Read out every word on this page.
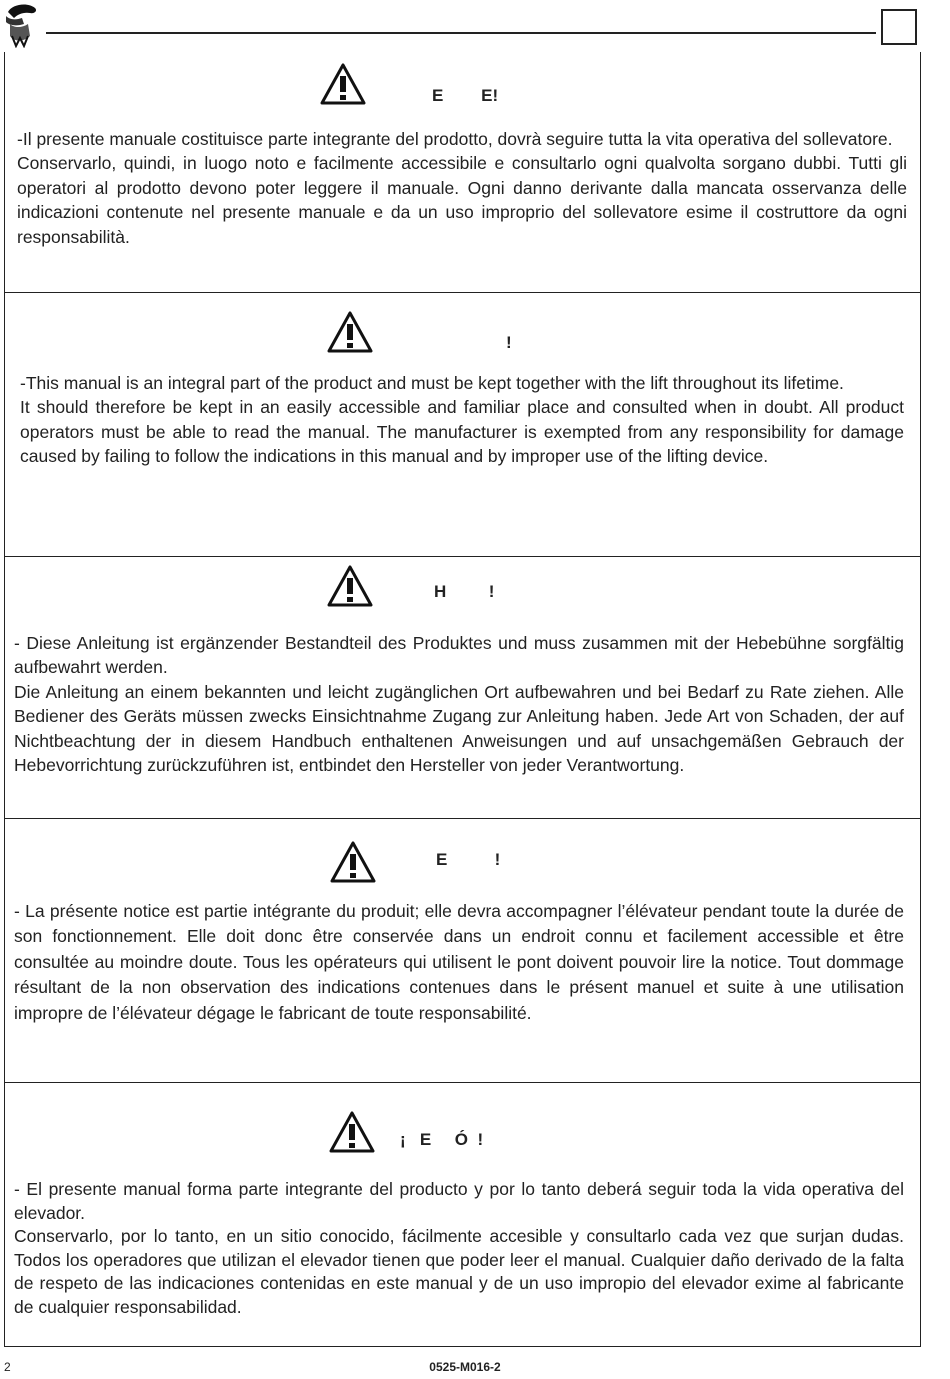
E        E!

-Il presente manuale costituisce parte integrante del prodotto, dovrà seguire tutta la vita operativa del sollevatore.

Conservarlo, quindi, in luogo noto e facilmente accessibile e consultarlo ogni qualvolta sorgano dubbi. Tutti gli operatori al prodotto devono poter leggere il manuale. Ogni danno derivante dalla mancata osservanza delle indicazioni contenute nel presente manuale e da un uso improprio del sollevatore esime il costruttore da ogni responsabilità.

!

-This manual is an integral part of the product and must be kept together with the lift throughout its lifetime.

It should therefore be kept in an easily accessible and familiar place and consulted when in doubt. All product operators must be able to read the manual. The manufacturer is exempted from any responsibility for damage caused by failing to follow the indications in this manual and by improper use of the lifting device.

H         !

- Diese Anleitung ist ergänzender Bestandteil des Produktes und muss zusammen mit der Hebebühne sorgfältig aufbewahrt werden.

Die Anleitung an einem bekannten und leicht zugänglichen Ort aufbewahren und bei Bedarf zu Rate ziehen. Alle Bediener des Geräts müssen zwecks Einsichtnahme Zugang zur Anleitung haben. Jede Art von Schaden, der auf Nichtbeachtung der in diesem Handbuch enthaltenen Anweisungen und auf unsachgemäßen Gebrauch der Hebevorrichtung zurückzuführen ist, entbindet den Hersteller von jeder Verantwortung.

E          !

- La présente notice est partie intégrante du produit; elle devra accompagner l’élévateur pendant toute la durée de son fonctionnement. Elle doit donc être conservée dans un endroit connu et facilement accessible et être consultée au moindre doute. Tous les opérateurs qui utilisent le pont doivent pouvoir lire la notice. Tout dommage résultant de la non observation des indications contenues dans le présent manuel et suite à une utilisation impropre de l’élévateur dégage le fabricant de toute responsabilité.

¡   E     Ó  !

- El presente manual forma parte integrante del producto y por lo tanto deberá seguir toda la vida operativa del elevador.

Conservarlo, por lo tanto, en un sitio conocido, fácilmente accesible y consultarlo cada vez que surjan dudas. Todos los operadores que utilizan el elevador tienen que poder leer el manual. Cualquier daño derivado de la falta de respeto de las indicaciones contenidas en este manual y de un uso impropio del elevador exime al fabricante de cualquier responsabilidad.

2	0525-M016-2
